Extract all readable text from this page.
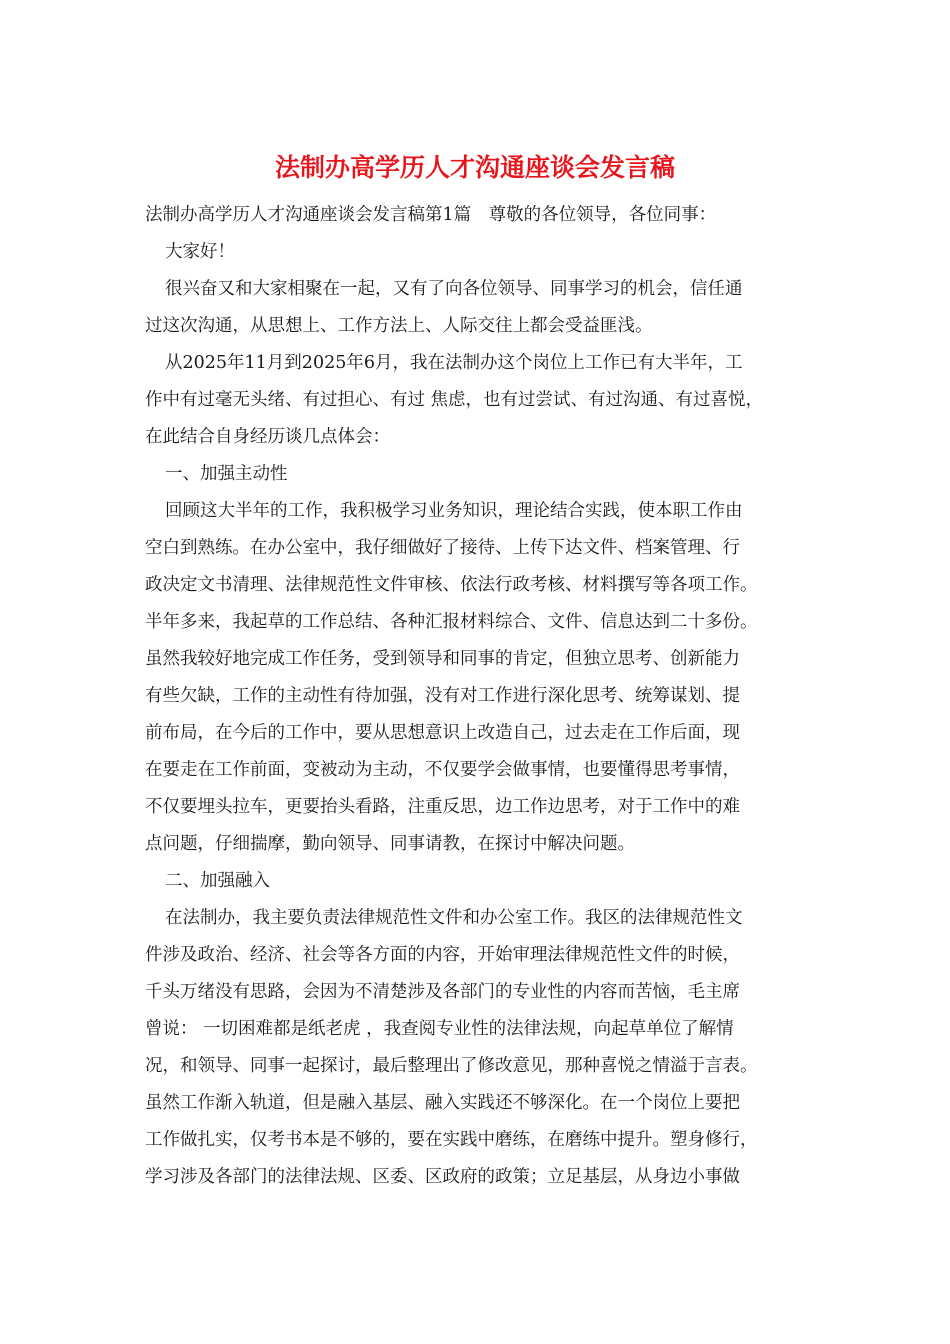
法制办高学历人才沟通座谈会发言稿
法制办高学历人才沟通座谈会发言稿第1篇　尊敬的各位领导，各位同事：
大家好！
很兴奋又和大家相聚在一起，又有了向各位领导、同事学习的机会，信任通
过这次沟通，从思想上、工作方法上、人际交往上都会受益匪浅。
从2025年11月到2025年6月，我在法制办这个岗位上工作已有大半年，工
作中有过毫无头绪、有过担心、有过 焦虑，也有过尝试、有过沟通、有过喜悦，
在此结合自身经历谈几点体会：
一、加强主动性
回顾这大半年的工作，我积极学习业务知识，理论结合实践，使本职工作由
空白到熟练。在办公室中，我仔细做好了接待、上传下达文件、档案管理、行
政决定文书清理、法律规范性文件审核、依法行政考核、材料撰写等各项工作。
半年多来，我起草的工作总结、各种汇报材料综合、文件、信息达到二十多份。
虽然我较好地完成工作任务，受到领导和同事的肯定，但独立思考、创新能力
有些欠缺，工作的主动性有待加强，没有对工作进行深化思考、统筹谋划、提
前布局，在今后的工作中，要从思想意识上改造自己，过去走在工作后面，现
在要走在工作前面，变被动为主动，不仅要学会做事情，也要懂得思考事情，
不仅要埋头拉车，更要抬头看路，注重反思，边工作边思考，对于工作中的难
点问题，仔细揣摩，勤向领导、同事请教，在探讨中解决问题。
二、加强融入
在法制办，我主要负责法律规范性文件和办公室工作。我区的法律规范性文
件涉及政治、经济、社会等各方面的内容，开始审理法律规范性文件的时候，
千头万绪没有思路，会因为不清楚涉及各部门的专业性的内容而苦恼，毛主席
曾说： 一切困难都是纸老虎 ，我查阅专业性的法律法规，向起草单位了解情
况，和领导、同事一起探讨，最后整理出了修改意见，那种喜悦之情溢于言表。
虽然工作渐入轨道，但是融入基层、融入实践还不够深化。在一个岗位上要把
工作做扎实，仅考书本是不够的，要在实践中磨练，在磨练中提升。塑身修行，
学习涉及各部门的法律法规、区委、区政府的政策；立足基层，从身边小事做
